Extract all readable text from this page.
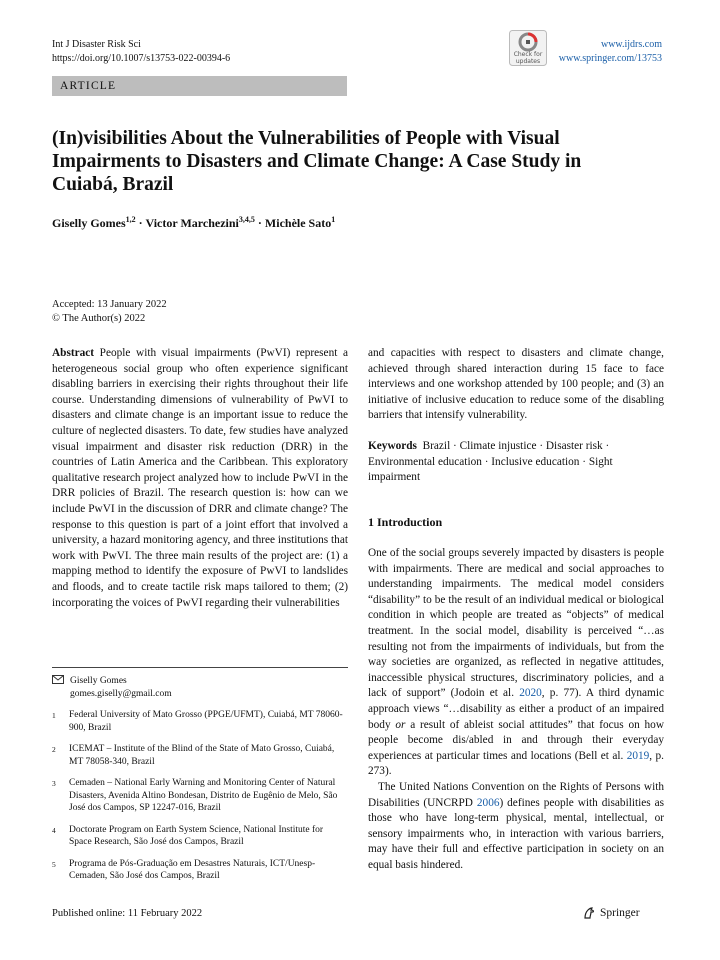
Int J Disaster Risk Sci
https://doi.org/10.1007/s13753-022-00394-6	Check for
updates
www.ijdrs.com
www.springer.com/13753
ARTICLE
(In)visibilities About the Vulnerabilities of People with Visual Impairments to Disasters and Climate Change: A Case Study in Cuiabá, Brazil
Giselly Gomes$^{1,2}$ · Victor Marchezini$^{3,4,5}$ · Michèle Sato$^1$
Accepted: 13 January 2022
© The Author(s) 2022

Abstract People with visual impairments (PwVI) represent a heterogeneous social group who often experience significant disabling barriers in exercising their rights throughout their life course. Understanding dimensions of vulnerability of PwVI to disasters and climate change is an important issue to reduce the culture of neglected disasters. To date, few studies have analyzed visual impairment and disaster risk reduction (DRR) in the countries of Latin America and the Caribbean. This exploratory qualitative research project analyzed how to include PwVI in the DRR policies of Brazil. The research question is: how can we include PwVI in the discussion of DRR and climate change? The response to this question is part of a joint effort that involved a university, a hazard monitoring agency, and three institutions that work with PwVI. The three main results of the project are: (1) a mapping method to identify the exposure of PwVI to landslides and floods, and to create tactile risk maps tailored to them; (2) incorporating the voices of PwVI regarding their vulnerabilities

and capacities with respect to disasters and climate change, achieved through shared interaction during 15 face to face interviews and one workshop attended by 100 people; and (3) an initiative of inclusive education to reduce some of the disabling barriers that intensify vulnerability.

Keywords Brazil · Climate injustice · Disaster risk · Environmental education · Inclusive education · Sight impairment

1 Introduction

One of the social groups severely impacted by disasters is people with impairments. There are medical and social approaches to understanding impairments. The medical model considers “disability” to be the result of an individual medical or biological condition in which people are treated as “objects” of medical treatment. In the social model, disability is perceived “…as resulting not from the impairments of individuals, but from the way societies are organized, as reflected in negative attitudes, inaccessible physical structures, discriminatory policies, and a lack of support” (Jodoin et al. 2020, p. 77). A third dynamic approach views “…disability as either a product of an impaired body or a result of ableist social attitudes” that focus on how people become dis/abled in and through their everyday experiences at particular times and locations (Bell et al. 2019, p. 273).

The United Nations Convention on the Rights of Persons with Disabilities (UNCRPD 2006) defines people with disabilities as those who have long-term physical, mental, intellectual, or sensory impairments who, in interaction with various barriers, may have their full and effective participation in society on an equal basis hindered.

Giselly Gomes
gomes.giselly@gmail.com
1	Federal University of Mato Grosso (PPGE/UFMT), Cuiabá, MT 78060-900, Brazil
2	ICEMAT – Institute of the Blind of the State of Mato Grosso, Cuiabá, MT 78058-340, Brazil
3	Cemaden – National Early Warning and Monitoring Center of Natural Disasters, Avenida Altino Bondesan, Distrito de Eugênio de Melo, São José dos Campos, SP 12247-016, Brazil
4	Doctorate Program on Earth System Science, National Institute for Space Research, São José dos Campos, Brazil
5	Programa de Pós-Graduação em Desastres Naturais, ICT/Unesp-Cemaden, São José dos Campos, Brazil
Published online: 11 February 2022	Springer
